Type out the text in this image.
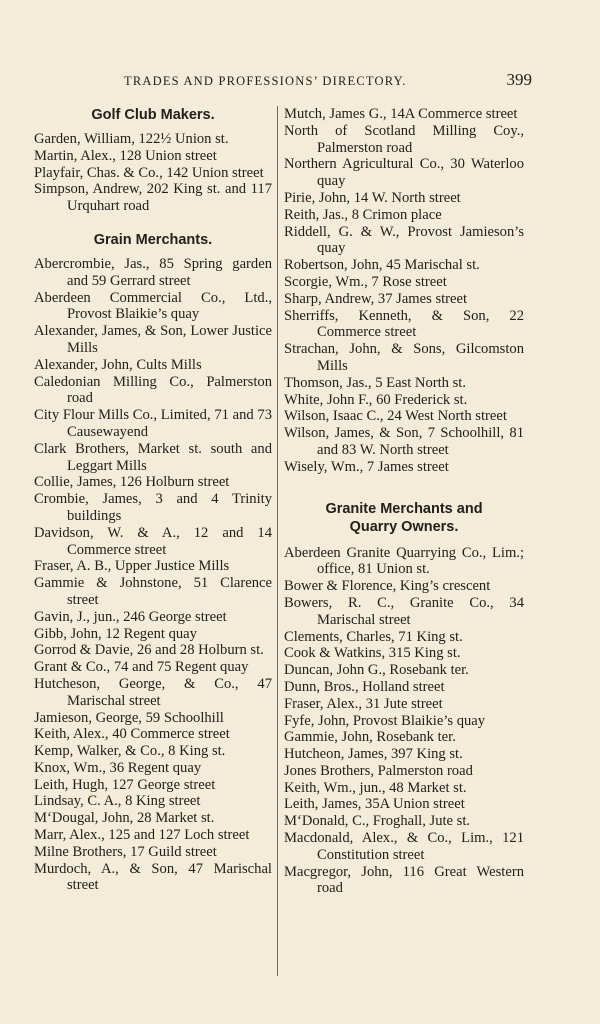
TRADES AND PROFESSIONS’ DIRECTORY.	399
Golf Club Makers.
Garden, William, 122½ Union st.
Martin, Alex., 128 Union street
Playfair, Chas. & Co., 142 Union street
Simpson, Andrew, 202 King st. and 117 Urquhart road
Grain Merchants.
Abercrombie, Jas., 85 Spring garden and 59 Gerrard street
Aberdeen Commercial Co., Ltd., Provost Blaikie’s quay
Alexander, James, & Son, Lower Justice Mills
Alexander, John, Cults Mills
Caledonian Milling Co., Palmerston road
City Flour Mills Co., Limited, 71 and 73 Causewayend
Clark Brothers, Market st. south and Leggart Mills
Collie, James, 126 Holburn street
Crombie, James, 3 and 4 Trinity buildings
Davidson, W. & A., 12 and 14 Commerce street
Fraser, A. B., Upper Justice Mills
Gammie & Johnstone, 51 Clarence street
Gavin, J., jun., 246 George street
Gibb, John, 12 Regent quay
Gorrod & Davie, 26 and 28 Holburn st.
Grant & Co., 74 and 75 Regent quay
Hutcheson, George, & Co., 47 Marischal street
Jamieson, George, 59 Schoolhill
Keith, Alex., 40 Commerce street
Kemp, Walker, & Co., 8 King st.
Knox, Wm., 36 Regent quay
Leith, Hugh, 127 George street
Lindsay, C. A., 8 King street
M‘Dougal, John, 28 Market st.
Marr, Alex., 125 and 127 Loch street
Milne Brothers, 17 Guild street
Murdoch, A., & Son, 47 Marischal street
Mutch, James G., 14A Commerce street
North of Scotland Milling Coy., Palmerston road
Northern Agricultural Co., 30 Waterloo quay
Pirie, John, 14 W. North street
Reith, Jas., 8 Crimon place
Riddell, G. & W., Provost Jamieson’s quay
Robertson, John, 45 Marischal st.
Scorgie, Wm., 7 Rose street
Sharp, Andrew, 37 James street
Sherriffs, Kenneth, & Son, 22 Commerce street
Strachan, John, & Sons, Gilcomston Mills
Thomson, Jas., 5 East North st.
White, John F., 60 Frederick st.
Wilson, Isaac C., 24 West North street
Wilson, James, & Son, 7 Schoolhill, 81 and 83 W. North street
Wisely, Wm., 7 James street
Granite Merchants and
Quarry Owners.
Aberdeen Granite Quarrying Co., Lim.; office, 81 Union st.
Bower & Florence, King’s crescent
Bowers, R. C., Granite Co., 34 Marischal street
Clements, Charles, 71 King st.
Cook & Watkins, 315 King st.
Duncan, John G., Rosebank ter.
Dunn, Bros., Holland street
Fraser, Alex., 31 Jute street
Fyfe, John, Provost Blaikie’s quay
Gammie, John, Rosebank ter.
Hutcheon, James, 397 King st.
Jones Brothers, Palmerston road
Keith, Wm., jun., 48 Market st.
Leith, James, 35A Union street
M‘Donald, C., Froghall, Jute st.
Macdonald, Alex., & Co., Lim., 121 Constitution street
Macgregor, John, 116 Great Western road
